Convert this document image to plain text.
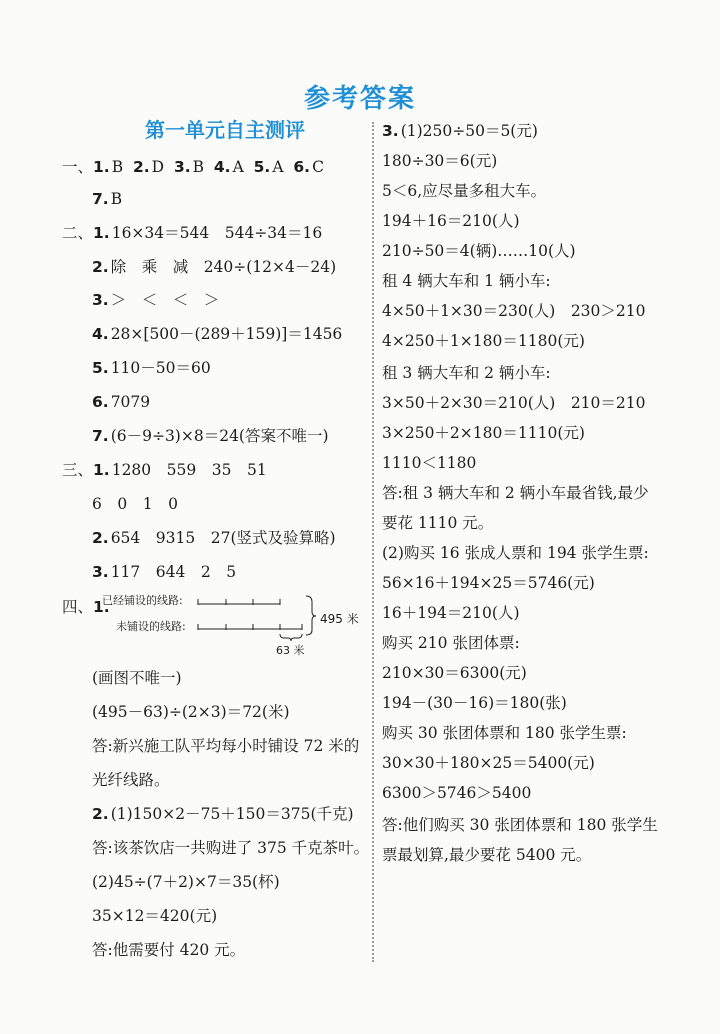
参考答案
第一单元自主测评
一、1. B 2. D 3. B 4. A 5. A 6. C
7. B
二、1. 16×34＝544　544÷34＝16
2. 除　乘　减　240÷(12×4－24)
3. ＞　＜　＜　＞
4. 28×[500－(289＋159)]＝1456
5. 110－50＝60
6. 7079
7. (6－9÷3)×8＝24(答案不唯一)
三、1. 1280　559　35　51
6　0　1　0
2. 654　9315　27(竖式及验算略)
3. 117　644　2　5
四、1.
已经铺设的线路:
未铺设的线路:
495 米
63 米
(画图不唯一)
(495－63)÷(2×3)＝72(米)
答:新兴施工队平均每小时铺设 72 米的
光纤线路。
2. (1)150×2－75＋150＝375(千克)
答:该茶饮店一共购进了 375 千克茶叶。
(2)45÷(7＋2)×7＝35(杯)
35×12＝420(元)
答:他需要付 420 元。
3. (1)250÷50＝5(元)
180÷30＝6(元)
5＜6,应尽量多租大车。
194＋16＝210(人)
210÷50＝4(辆)……10(人)
租 4 辆大车和 1 辆小车:
4×50＋1×30＝230(人)　230＞210
4×250＋1×180＝1180(元)
租 3 辆大车和 2 辆小车:
3×50＋2×30＝210(人)　210＝210
3×250＋2×180＝1110(元)
1110＜1180
答:租 3 辆大车和 2 辆小车最省钱,最少
要花 1110 元。
(2)购买 16 张成人票和 194 张学生票:
56×16＋194×25＝5746(元)
16＋194＝210(人)
购买 210 张团体票:
210×30＝6300(元)
194－(30－16)＝180(张)
购买 30 张团体票和 180 张学生票:
30×30＋180×25＝5400(元)
6300＞5746＞5400
答:他们购买 30 张团体票和 180 张学生
票最划算,最少要花 5400 元。
